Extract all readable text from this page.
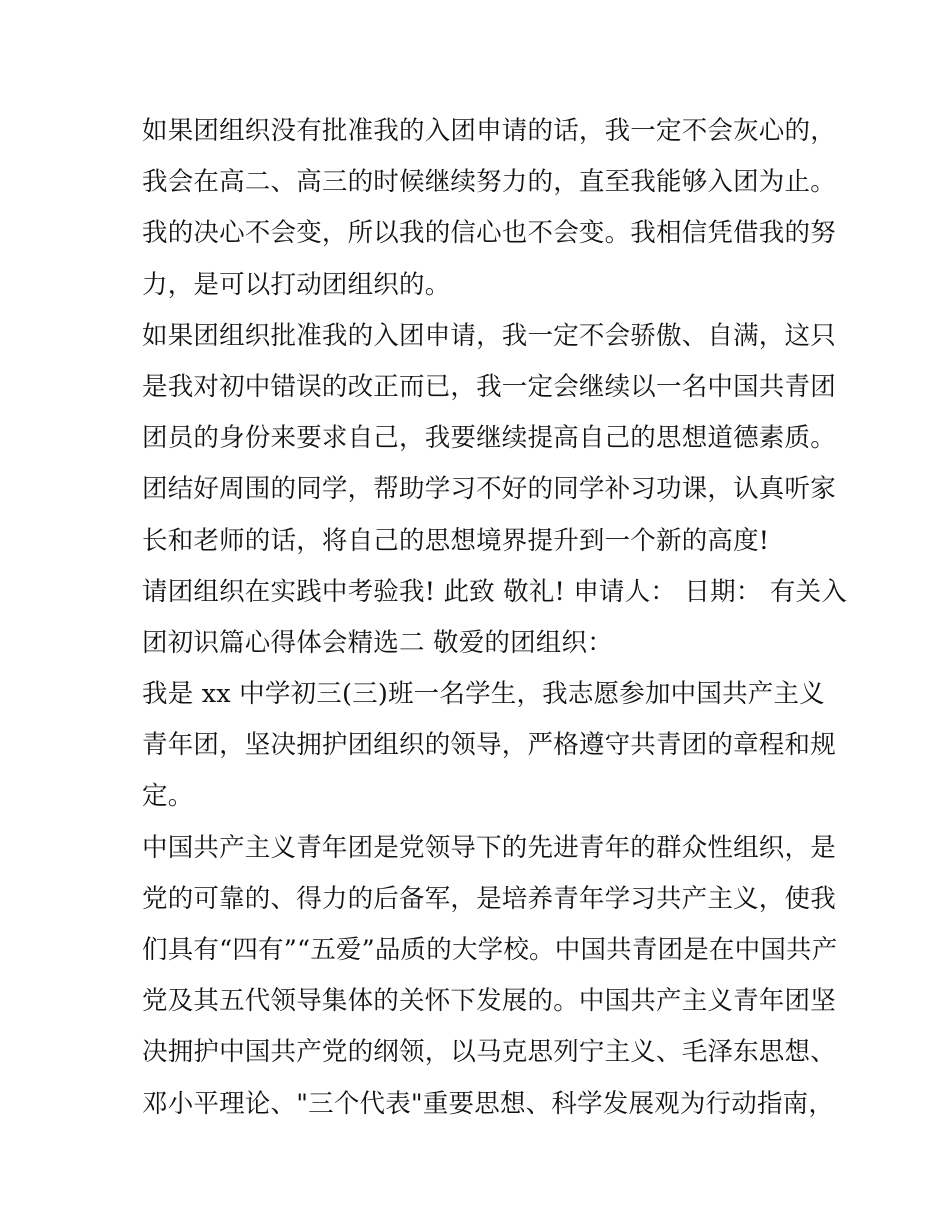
如果团组织没有批准我的入团申请的话，我一定不会灰心的，
我会在高二、高三的时候继续努力的，直至我能够入团为止。
我的决心不会变，所以我的信心也不会变。我相信凭借我的努
力，是可以打动团组织的。
如果团组织批准我的入团申请，我一定不会骄傲、自满，这只
是我对初中错误的改正而已，我一定会继续以一名中国共青团
团员的身份来要求自己，我要继续提高自己的思想道德素质。
团结好周围的同学，帮助学习不好的同学补习功课，认真听家
长和老师的话，将自己的思想境界提升到一个新的高度!
请团组织在实践中考验我! 此致 敬礼! 申请人： 日期： 有关入
团初识篇心得体会精选二 敬爱的团组织：
我是 xx 中学初三(三)班一名学生，我志愿参加中国共产主义
青年团，坚决拥护团组织的领导，严格遵守共青团的章程和规
定。
中国共产主义青年团是党领导下的先进青年的群众性组织，是
党的可靠的、得力的后备军，是培养青年学习共产主义，使我
们具有“四有”“五爱”品质的大学校。中国共青团是在中国共产
党及其五代领导集体的关怀下发展的。中国共产主义青年团坚
决拥护中国共产党的纲领，以马克思列宁主义、毛泽东思想、
邓小平理论、"三个代表"重要思想、科学发展观为行动指南，
